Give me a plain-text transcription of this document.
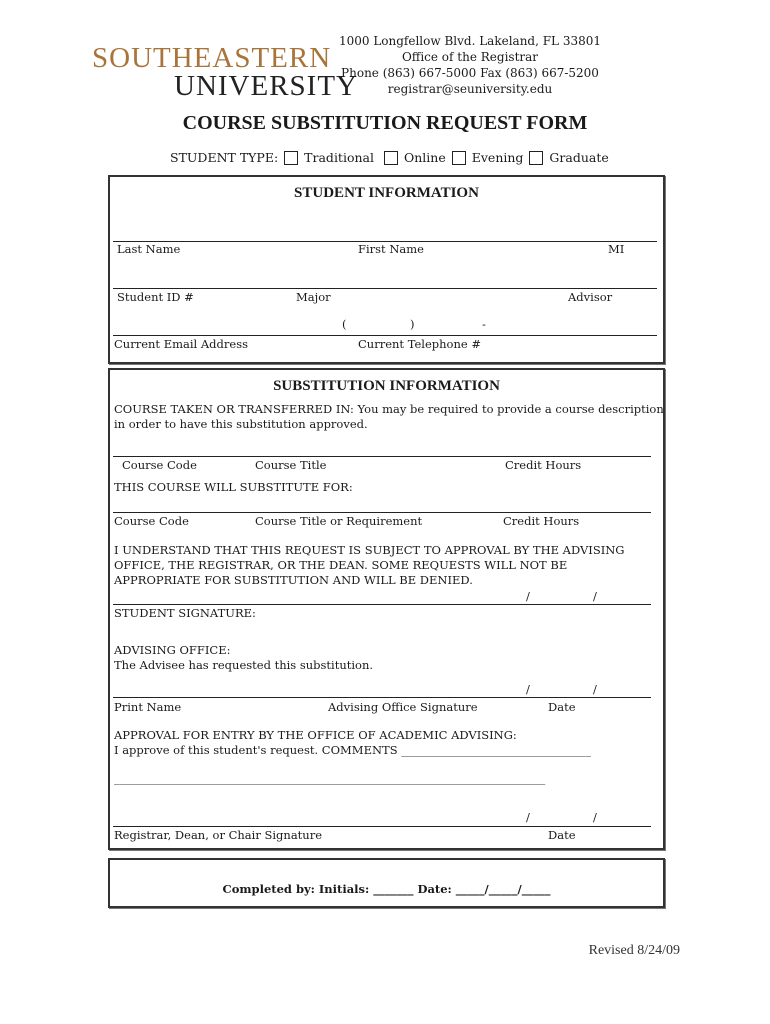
SOUTHEASTERN
UNIVERSITY
1000 Longfellow Blvd. Lakeland, FL 33801
Office of the Registrar
Phone (863) 667-5000 Fax (863) 667-5200
registrar@seuniversity.edu
COURSE SUBSTITUTION REQUEST FORM
STUDENT TYPE: Traditional Online Evening Graduate
STUDENT INFORMATION
Last Name	First Name	MI
Student ID #	Major	Advisor
(	)	-
Current Email Address	Current Telephone #
SUBSTITUTION INFORMATION
COURSE TAKEN OR TRANSFERRED IN: You may be required to provide a course description
in order to have this substitution approved.
Course Code	Course Title	Credit Hours
THIS COURSE WILL SUBSTITUTE FOR:
Course Code	Course Title or Requirement	Credit Hours
I UNDERSTAND THAT THIS REQUEST IS SUBJECT TO APPROVAL BY THE ADVISING
OFFICE, THE REGISTRAR, OR THE DEAN. SOME REQUESTS WILL NOT BE
APPROPRIATE FOR SUBSTITUTION AND WILL BE DENIED.
/	/
STUDENT SIGNATURE:
ADVISING OFFICE:
The Advisee has requested this substitution.
/	/
Print Name	Advising Office Signature	Date
APPROVAL FOR ENTRY BY THE OFFICE OF ACADEMIC ADVISING:
I approve of this student's request. COMMENTS _________________________________
___________________________________________________________________________
/	/
Registrar, Dean, or Chair Signature	Date
Completed by: Initials: _______ Date: _____/_____/_____
Revised 8/24/09
